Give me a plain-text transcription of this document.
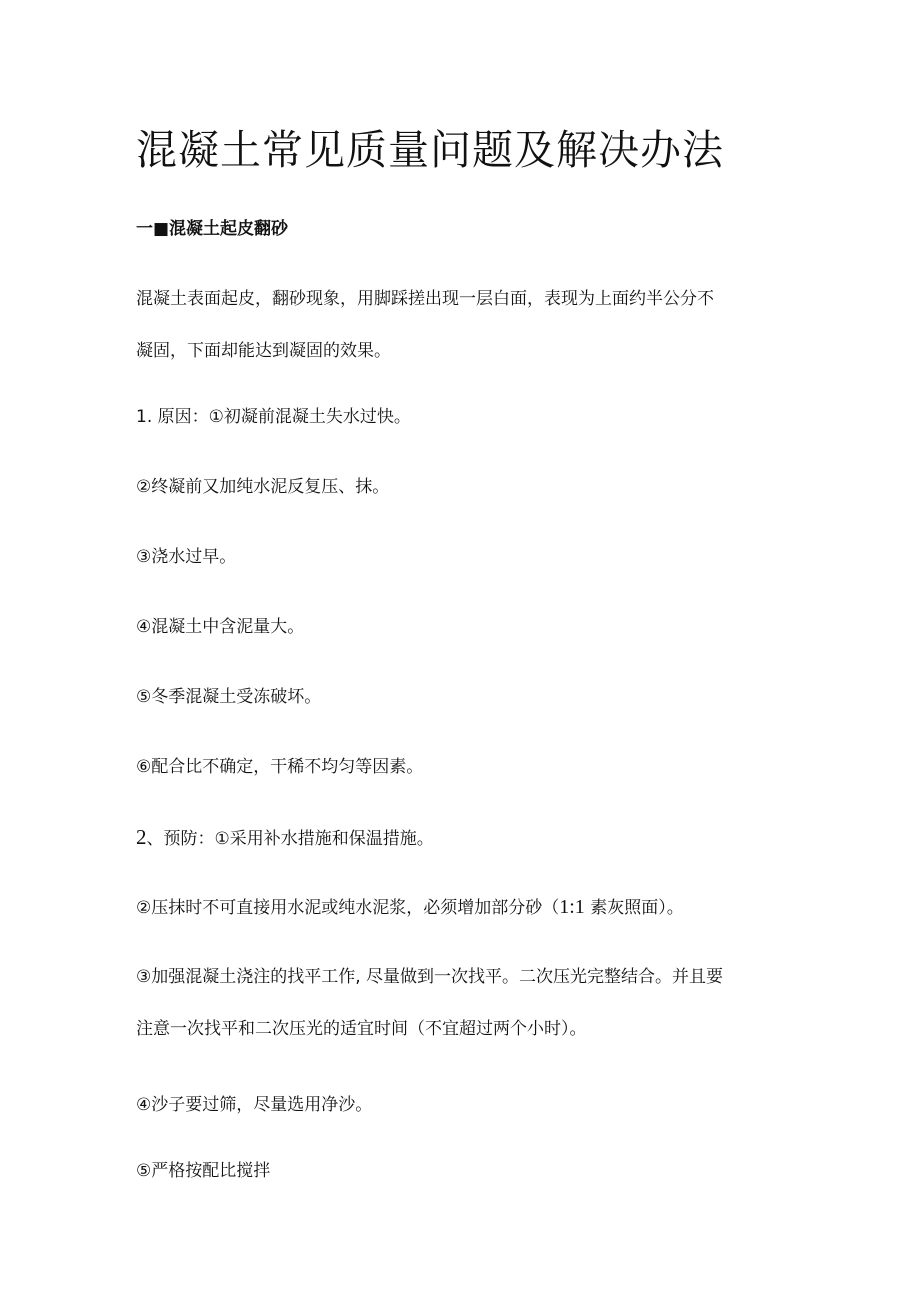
混凝土常见质量问题及解决办法
一■混凝土起皮翻砂
混凝土表面起皮，翻砂现象，用脚踩搓出现一层白面，表现为上面约半公分不
凝固，下面却能达到凝固的效果。
1. 原因：①初凝前混凝土失水过快。
②终凝前又加纯水泥反复压、抹。
③浇水过早。
④混凝土中含泥量大。
⑤冬季混凝土受冻破坏。
⑥配合比不确定，干稀不均匀等因素。
2、预防：①采用补水措施和保温措施。
②压抹时不可直接用水泥或纯水泥浆，必须增加部分砂（1:1 素灰照面）。
③加强混凝土浇注的找平工作, 尽量做到一次找平。二次压光完整结合。并且要
注意一次找平和二次压光的适宜时间（不宜超过两个小时）。
④沙子要过筛，尽量选用净沙。
⑤严格按配比搅拌
